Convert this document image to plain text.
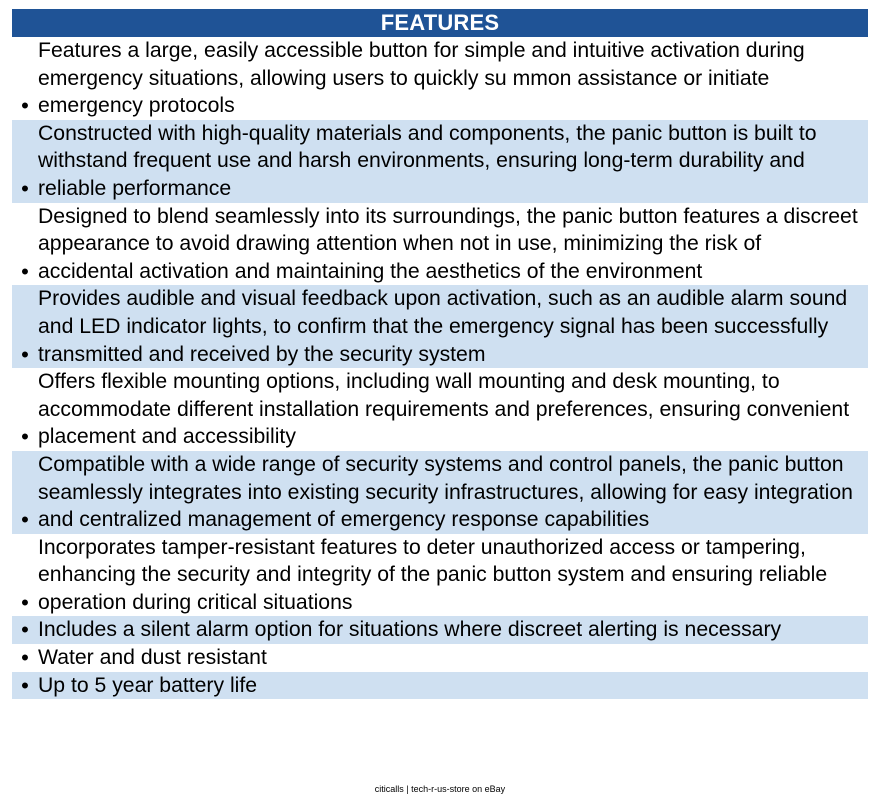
FEATURES
•
Features a large, easily accessible button for simple and intuitive activation during emergency situations, allowing users to quickly su mmon assistance or initiate emergency protocols
•
Constructed with high-quality materials and components, the panic button is built to withstand frequent use and harsh environments, ensuring long-term durability and reliable performance
•
Designed to blend seamlessly into its surroundings, the panic button features a discreet appearance to avoid drawing attention when not in use, minimizing the risk of accidental activation and maintaining the aesthetics of the environment
•
Provides audible and visual feedback upon activation, such as an audible alarm sound and LED indicator lights, to confirm that the emergency signal has been successfully transmitted and received by the security system
•
Offers flexible mounting options, including wall mounting and desk mounting, to accommodate different installation requirements and preferences, ensuring convenient placement and accessibility
•
Compatible with a wide range of security systems and control panels, the panic button seamlessly integrates into existing security infrastructures, allowing for easy integration and centralized management of emergency response capabilities
•
Incorporates tamper-resistant features to deter unauthorized access or tampering, enhancing the security and integrity of the panic button system and ensuring reliable operation during critical situations
• Includes a silent alarm option for situations where discreet alerting is necessary
• Water and dust resistant
• Up to 5 year battery life
citicalls | tech-r-us-store on eBay
